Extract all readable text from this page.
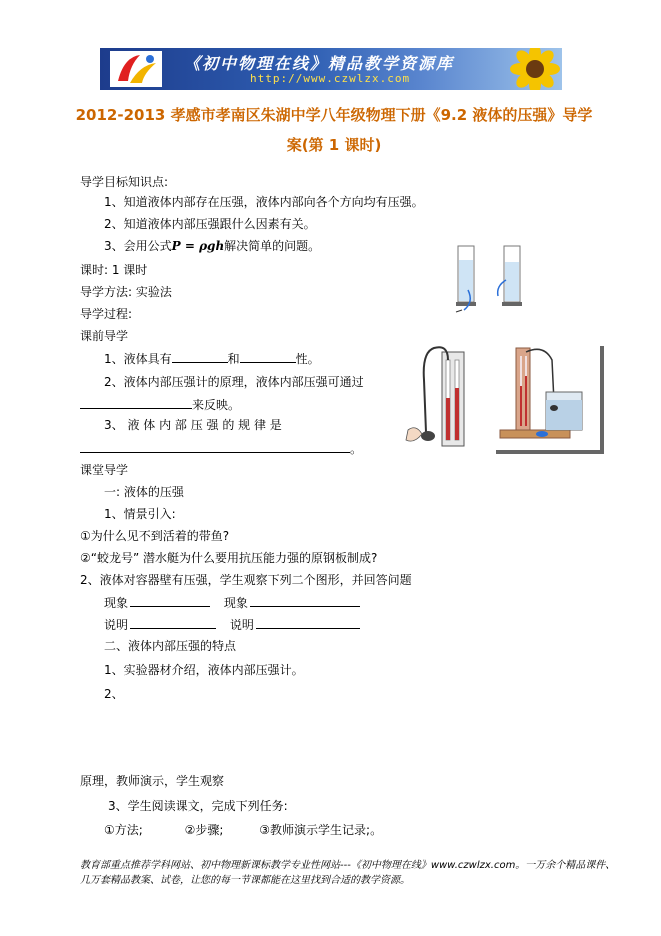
《初中物理在线》精品教学资源库
http://www.czwlzx.com
2012-2013 孝感市孝南区朱湖中学八年级物理下册《9.2 液体的压强》导学
案(第 1 课时)
导学目标知识点:
1、知道液体内部存在压强，液体内部向各个方向均有压强。
2、知道液体内部压强跟什么因素有关。
3、会用公式P = ρgh解决简单的问题。
课时: 1 课时
导学方法: 实验法
导学过程:
课前导学
1、液体具有	和	性。
2、液体内部压强计的原理，液体内部压强可通过
来反映。
3、 液 体 内 部 压 强 的 规 律 是
。
课堂导学
一: 液体的压强
1、情景引入:
①为什么见不到活着的带鱼?
②“蛟龙号” 潜水艇为什么要用抗压能力强的原钢板制成?
2、液体对容器壁有压强，学生观察下列二个图形，并回答问题
现象	现象
说明	说明
二、液体内部压强的特点
1、实验器材介绍，液体内部压强计。
2、
原理，教师演示，学生观察
3、学生阅读课文，完成下列任务:
①方法;	②步骤;	③教师演示学生记录;。
教育部重点推荐学科网站、初中物理新课标教学专业性网站---《初中物理在线》www.czwlzx.com。一万余个精品课件、
几万套精品教案、试卷，让您的每一节课都能在这里找到合适的教学资源。
